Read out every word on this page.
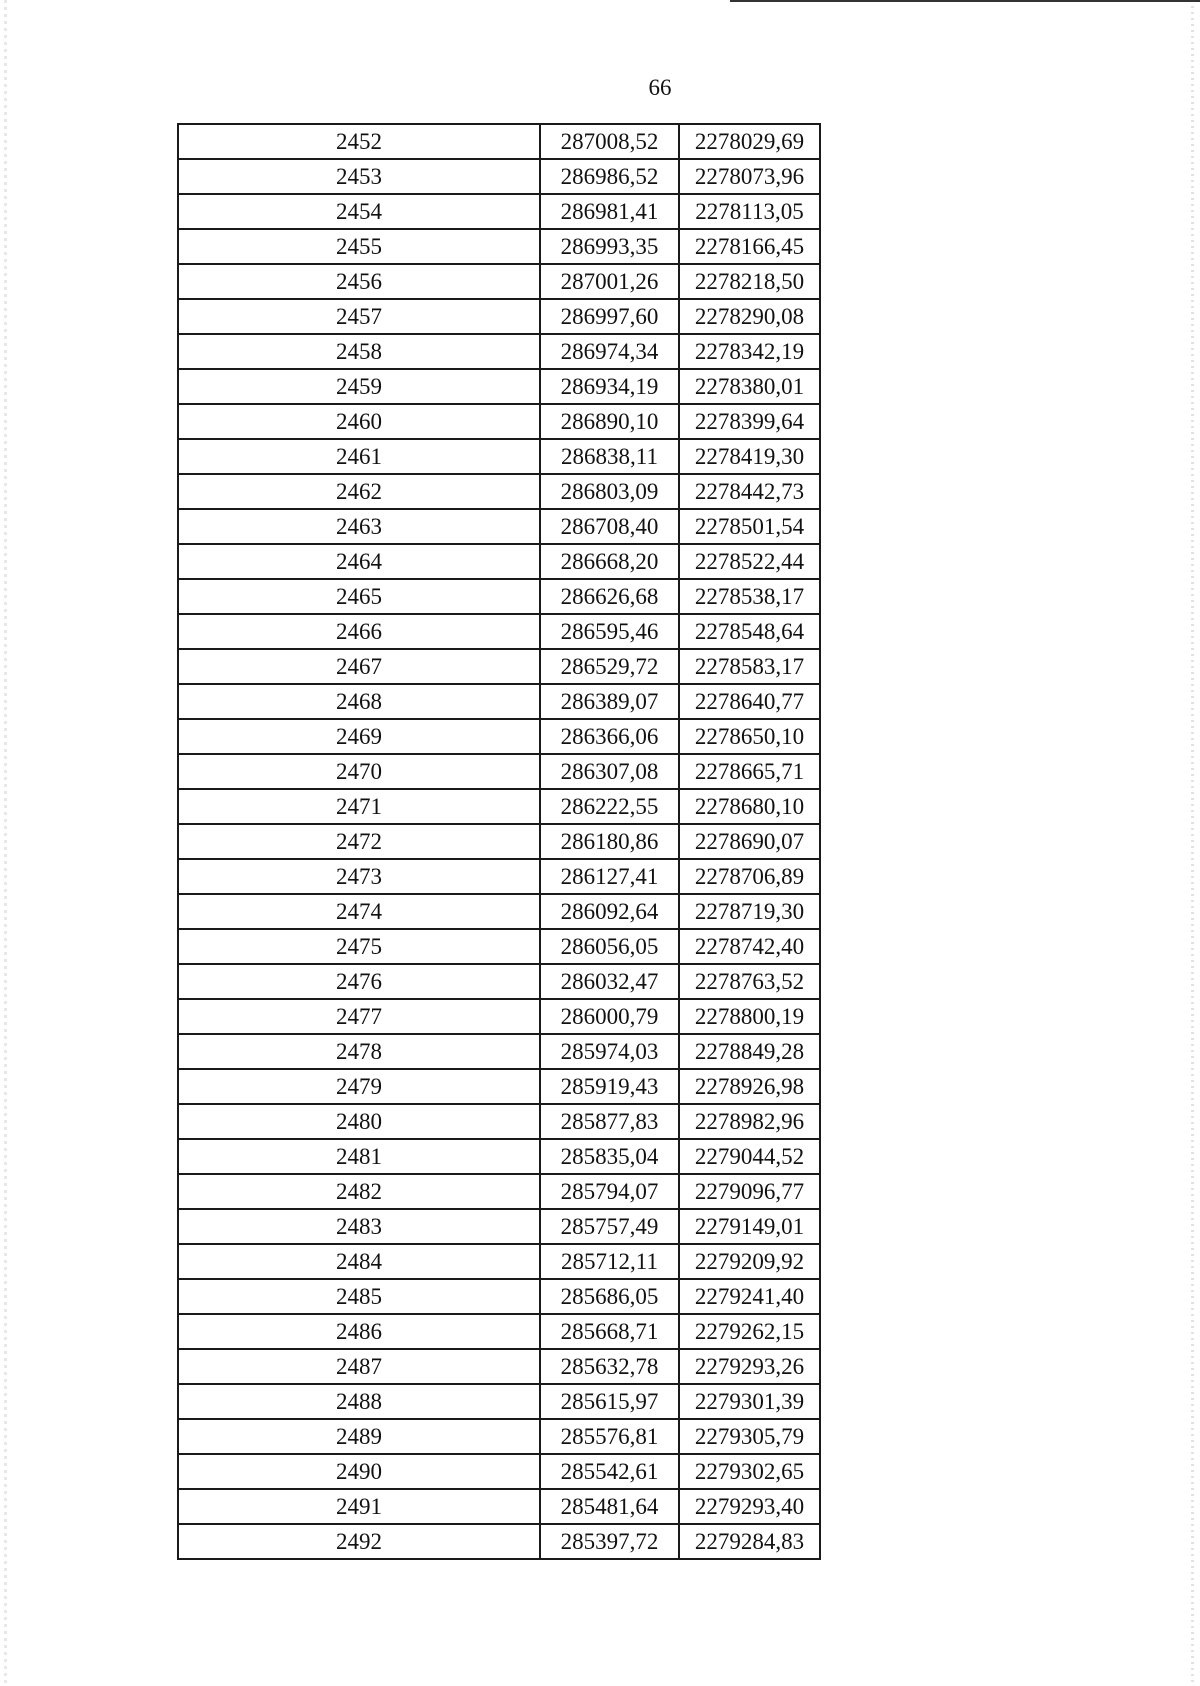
66
2452	287008,52	2278029,69
2453	286986,52	2278073,96
2454	286981,41	2278113,05
2455	286993,35	2278166,45
2456	287001,26	2278218,50
2457	286997,60	2278290,08
2458	286974,34	2278342,19
2459	286934,19	2278380,01
2460	286890,10	2278399,64
2461	286838,11	2278419,30
2462	286803,09	2278442,73
2463	286708,40	2278501,54
2464	286668,20	2278522,44
2465	286626,68	2278538,17
2466	286595,46	2278548,64
2467	286529,72	2278583,17
2468	286389,07	2278640,77
2469	286366,06	2278650,10
2470	286307,08	2278665,71
2471	286222,55	2278680,10
2472	286180,86	2278690,07
2473	286127,41	2278706,89
2474	286092,64	2278719,30
2475	286056,05	2278742,40
2476	286032,47	2278763,52
2477	286000,79	2278800,19
2478	285974,03	2278849,28
2479	285919,43	2278926,98
2480	285877,83	2278982,96
2481	285835,04	2279044,52
2482	285794,07	2279096,77
2483	285757,49	2279149,01
2484	285712,11	2279209,92
2485	285686,05	2279241,40
2486	285668,71	2279262,15
2487	285632,78	2279293,26
2488	285615,97	2279301,39
2489	285576,81	2279305,79
2490	285542,61	2279302,65
2491	285481,64	2279293,40
2492	285397,72	2279284,83
